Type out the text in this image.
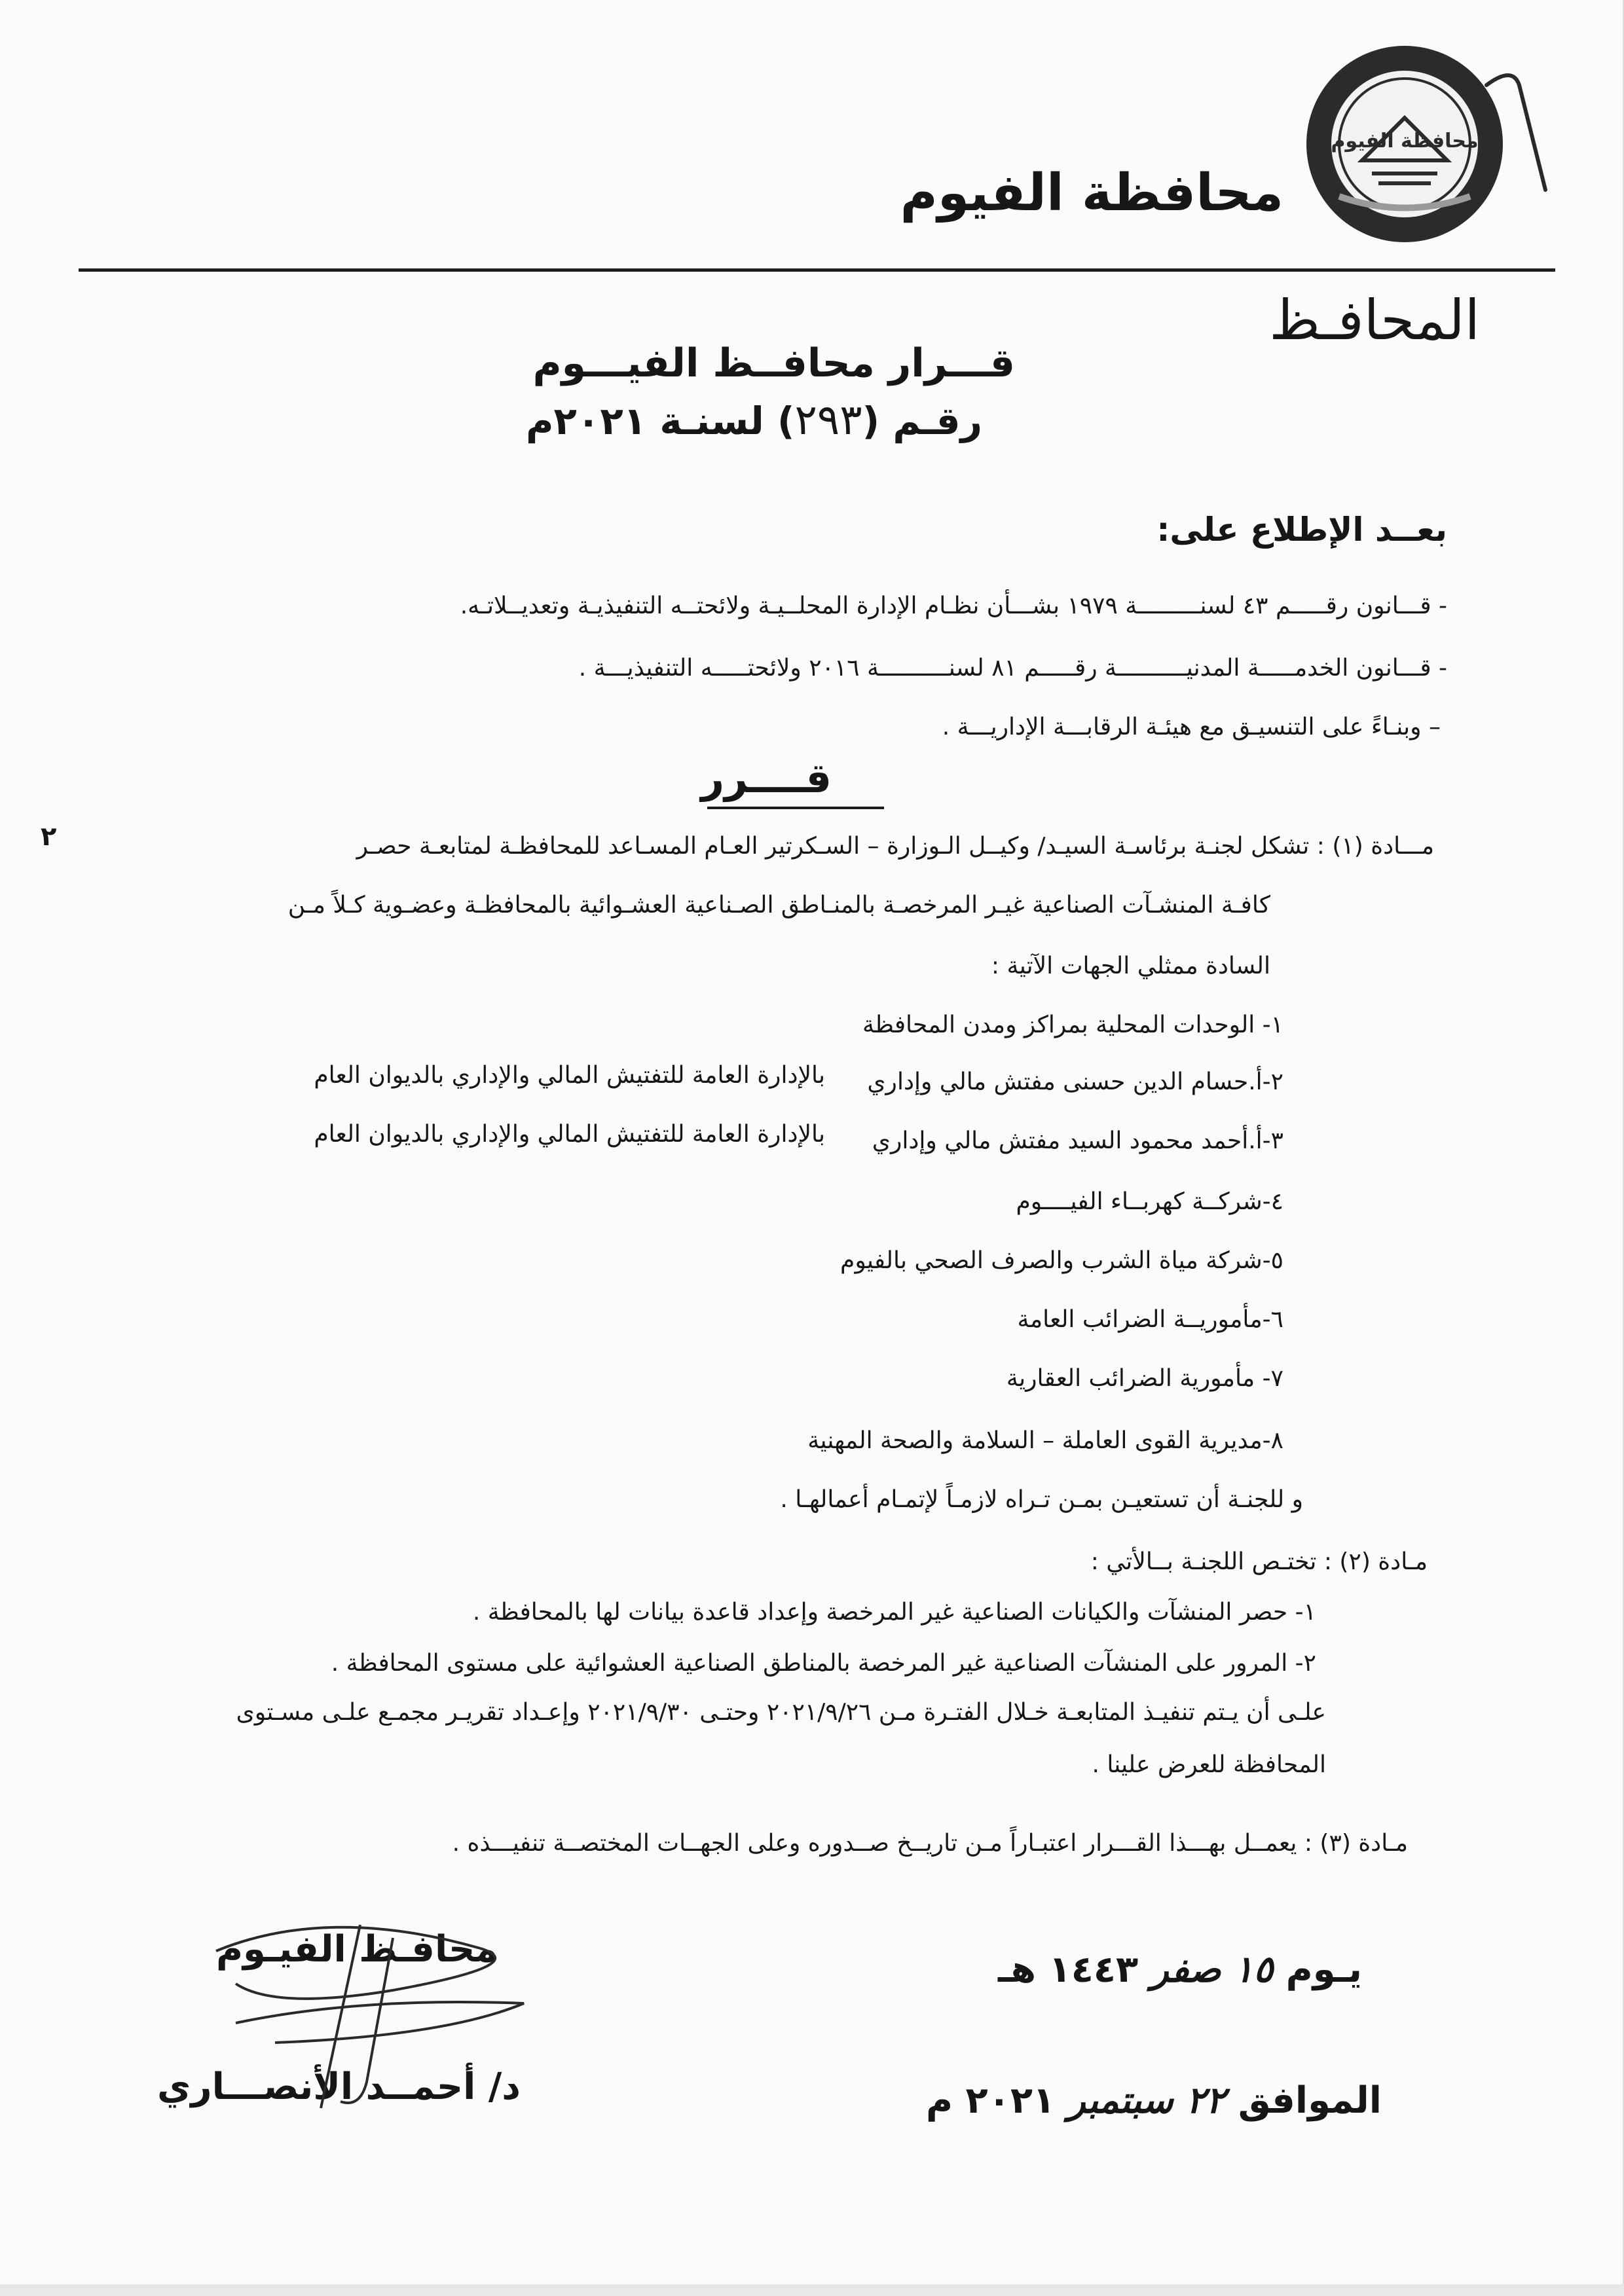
محافظة الفيوم
1
محافظة الفيوم
المحافـظ
قـــرار محافــظ الفيـــوم
رقـم (٢٩٣) لسنـة ٢٠٢١م
بعــد الإطلاع على:
- قـــانون رقـــــم ٤٣ لسنـــــــــة ١٩٧٩ بشـــأن نظـام الإدارة المحلــيـة ولائحتــه التنفيذيـة وتعديــلاتـه.
- قـــانون الخدمـــــة المدنيــــــــــة رقـــــم ٨١ لسنــــــــــة ٢٠١٦ ولائحتـــــه التنفيذيـــة .
– وبنـاءً على التنسيـق مع هيئـة الرقابـــة الإداريـــة .
قــــرر
٢	مـــادة (١) : تشكل لجنـة برئاسـة السيـد/ وكيــل الـوزارة – السـكرتير العـام المسـاعد للمحافظـة لمتابعـة حصـر
كافـة المنشـآت الصناعية غيـر المرخصـة بالمنـاطق الصـناعية العشـوائية بالمحافظـة وعضـوية كـلاً مـن
السادة ممثلي الجهات الآتية :
١- الوحدات المحلية بمراكز ومدن المحافظة
٢-أ.حسام الدين حسنى مفتش مالي وإداري
بالإدارة العامة للتفتيش المالي والإداري بالديوان العام
٣-أ.أحمد محمود السيد مفتش مالي وإداري
بالإدارة العامة للتفتيش المالي والإداري بالديوان العام
٤-شركــة كهربــاء الفيــــوم
٥-شركة مياة الشرب والصرف الصحي بالفيوم
٦-مأموريــة الضرائب العامة
٧- مأمورية الضرائب العقارية
٨-مديرية القوى العاملة – السلامة والصحة المهنية
و للجنـة أن تستعيـن بمـن تـراه لازمـاً لإتمـام أعمالهـا .
مـادة (٢) : تختـص اللجنـة بــالأتي :
١- حصر المنشآت والكيانات الصناعية غير المرخصة وإعداد قاعدة بيانات لها بالمحافظة .
٢- المرور على المنشآت الصناعية غير المرخصة بالمناطق الصناعية العشوائية على مستوى المحافظة .
علـى أن يـتم تنفيـذ المتابعـة خـلال الفتـرة مـن ٢٠٢١/٩/٢٦ وحتـى ٢٠٢١/٩/٣٠ وإعـداد تقريـر مجمـع علـى مسـتوى
المحافظة للعرض علينا .
مـادة (٣) : يعمــل بهـــذا القـــرار اعتبـاراً مـن تاريــخ صــدوره وعلى الجهــات المختصــة تنفيـــذه .
يـوم ١٥ صفر ١٤٤٣ هـ
الموافق ٢٢ سبتمبر ٢٠٢١ م
محافـظ الفيـوم
د/ أحمــد الأنصـــاري
